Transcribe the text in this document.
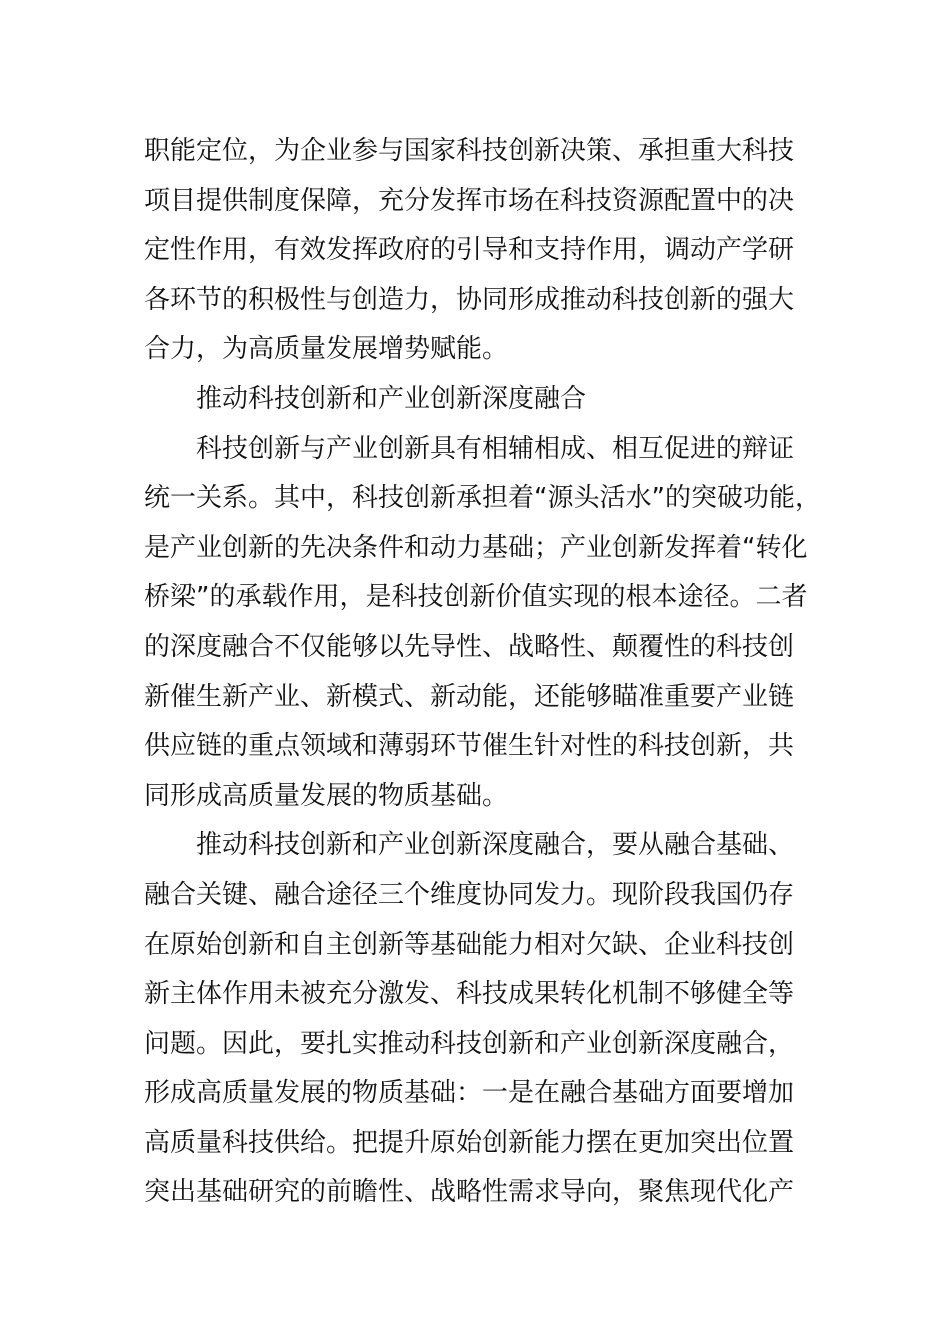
职能定位，为企业参与国家科技创新决策、承担重大科技
项目提供制度保障，充分发挥市场在科技资源配置中的决
定性作用，有效发挥政府的引导和支持作用，调动产学研
各环节的积极性与创造力，协同形成推动科技创新的强大
合力，为高质量发展增势赋能。
推动科技创新和产业创新深度融合
科技创新与产业创新具有相辅相成、相互促进的辩证
统一关系。其中，科技创新承担着“源头活水”的突破功能，
是产业创新的先决条件和动力基础；产业创新发挥着“转化
桥梁”的承载作用，是科技创新价值实现的根本途径。二者
的深度融合不仅能够以先导性、战略性、颠覆性的科技创
新催生新产业、新模式、新动能，还能够瞄准重要产业链
供应链的重点领域和薄弱环节催生针对性的科技创新，共
同形成高质量发展的物质基础。
推动科技创新和产业创新深度融合，要从融合基础、
融合关键、融合途径三个维度协同发力。现阶段我国仍存
在原始创新和自主创新等基础能力相对欠缺、企业科技创
新主体作用未被充分激发、科技成果转化机制不够健全等
问题。因此，要扎实推动科技创新和产业创新深度融合，
形成高质量发展的物质基础：一是在融合基础方面要增加
高质量科技供给。把提升原始创新能力摆在更加突出位置
突出基础研究的前瞻性、战略性需求导向，聚焦现代化产
